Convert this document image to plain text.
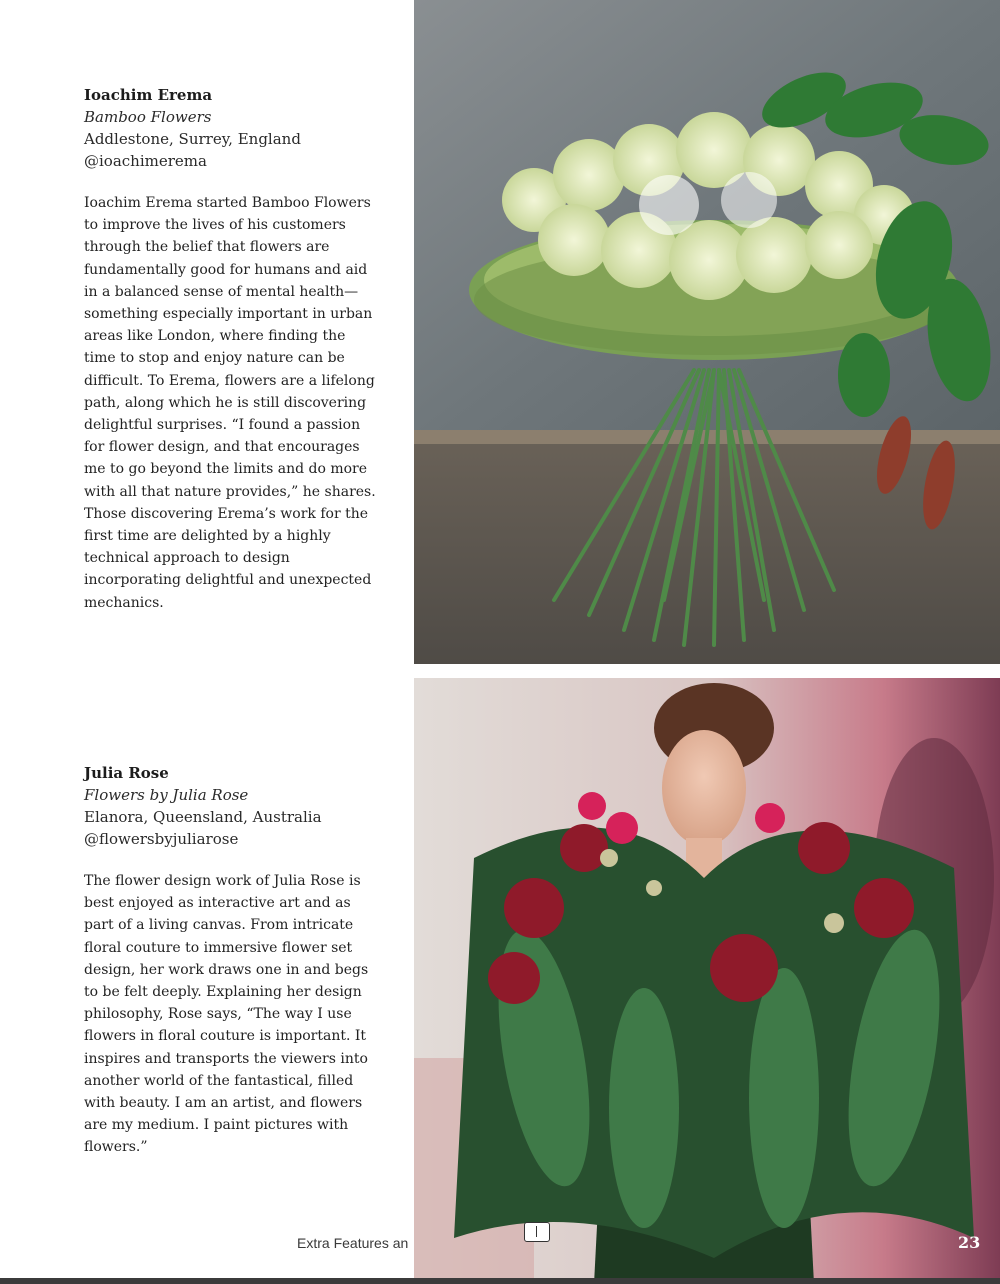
Ioachim Erema

Bamboo Flowers

Addlestone, Surrey, England

@ioachimerema

Ioachim Erema started Bamboo Flowers to improve the lives of his customers through the belief that flowers are fundamentally good for humans and aid in a balanced sense of mental health—something especially important in urban areas like London, where finding the time to stop and enjoy nature can be difficult. To Erema, flowers are a lifelong path, along which he is still discovering delightful surprises. “I found a passion for flower design, and that encourages me to go beyond the limits and do more with all that nature provides,” he shares. Those discovering Erema’s work for the first time are delighted by a highly technical approach to design incorporating delightful and unexpected mechanics.

Julia Rose

Flowers by Julia Rose

Elanora, Queensland, Australia

@flowersbyjuliarose

The flower design work of Julia Rose is best enjoyed as interactive art and as part of a living canvas. From intricate floral couture to immersive flower set design, her work draws one in and begs to be felt deeply. Explaining her design philosophy, Rose says, “The way I use flowers in floral couture is important. It inspires and transports the viewers into another world of the fantastical, filled with beauty. I am an artist, and flowers are my medium. I paint pictures with flowers.”

Extra Features an	23
